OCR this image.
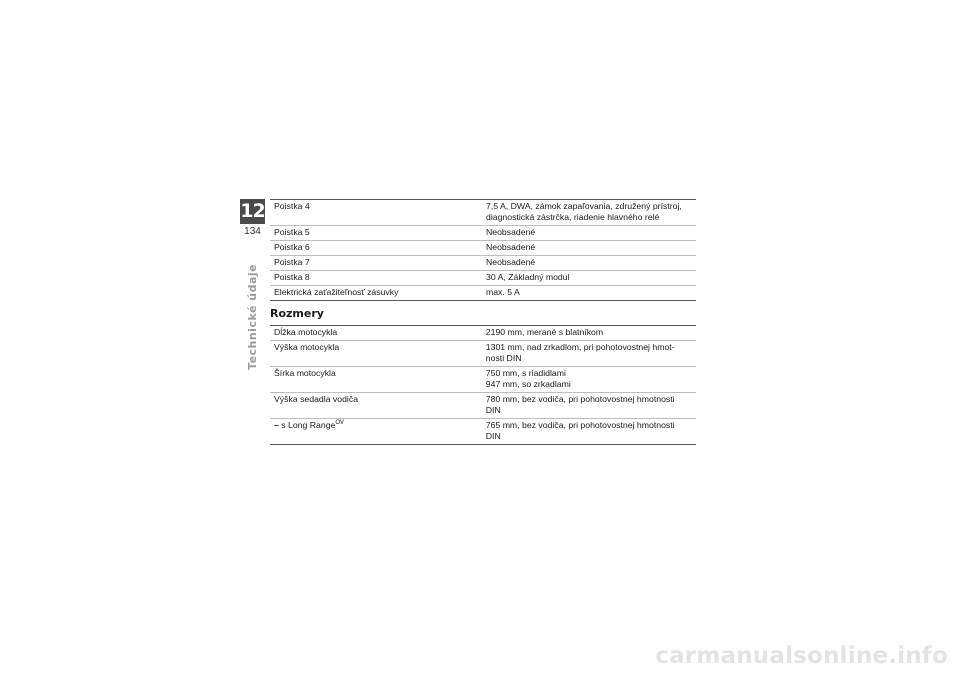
12
134
Technické údaje
Poistka 4	7,5 A, DWA, zámok zapaľovania, združený prístroj,
diagnostická zástrčka, riadenie hlavného relé

Poistka 5	Neobsadené

Poistka 6	Neobsadené

Poistka 7	Neobsadené

Poistka 8	30 A, Základný modul

Elektrická zaťažiteľnosť zásuvky	max. 5 A
Rozmery
Dĺžka motocykla	2190 mm, merané s blatníkom

Výška motocykla	1301 mm, nad zrkadlom, pri pohotovostnej hmot-
nosti DIN

Šírka motocykla	750 mm, s riadidlami
947 mm, so zrkadlami

Výška sedadla vodiča	780 mm, bez vodiča, pri pohotovostnej hmotnosti
DIN

– s Long Range$^{OV}$	765 mm, bez vodiča, pri pohotovostnej hmotnosti
DIN
carmanualsonline.info
